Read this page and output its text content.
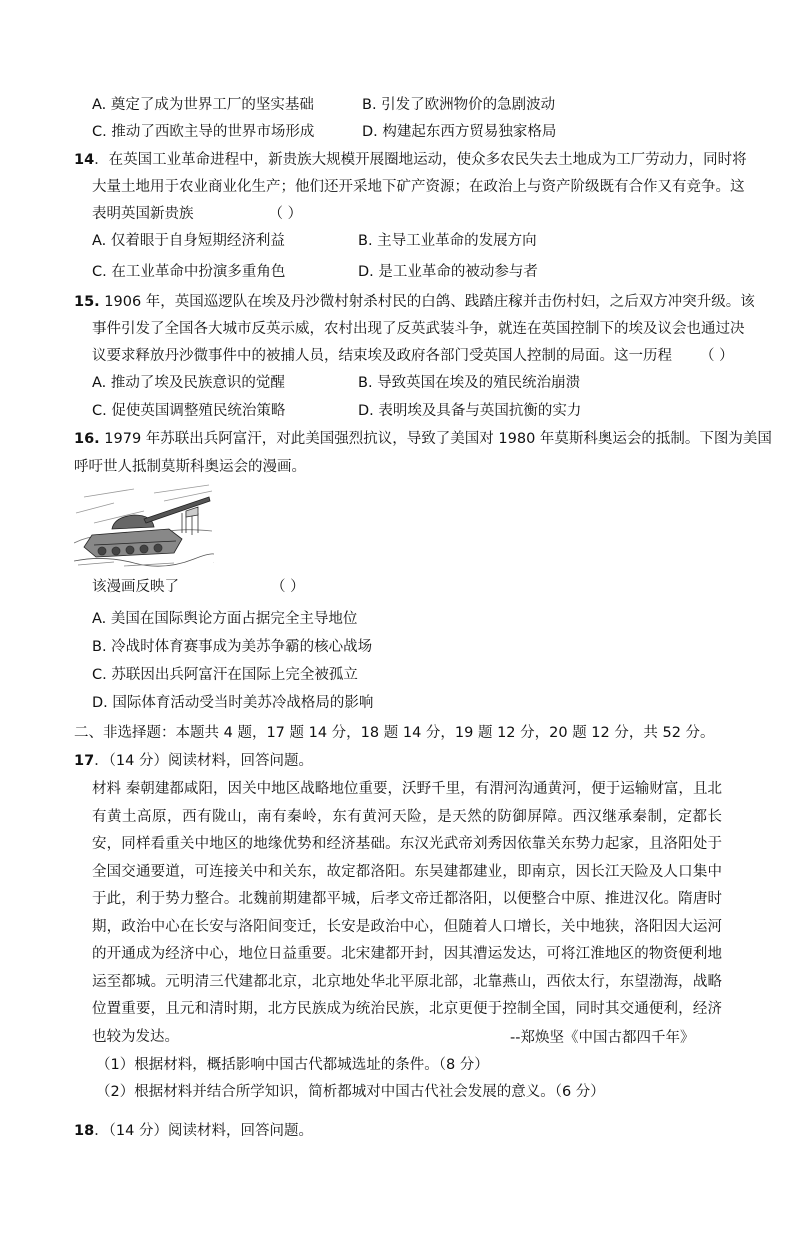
A. 奠定了成为世界工厂的坚实基础	B. 引发了欧洲物价的急剧波动
C. 推动了西欧主导的世界市场形成	D. 构建起东西方贸易独家格局
14．在英国工业革命进程中，新贵族大规模开展圈地运动，使众多农民失去土地成为工厂劳动力，同时将
大量土地用于农业商业化生产；他们还开采地下矿产资源；在政治上与资产阶级既有合作又有竞争。这
表明英国新贵族	（ ）
A. 仅着眼于自身短期经济利益	B. 主导工业革命的发展方向
C. 在工业革命中扮演多重角色	D. 是工业革命的被动参与者
15. 1906 年，英国巡逻队在埃及丹沙微村射杀村民的白鸽、践踏庄稼并击伤村妇，之后双方冲突升级。该
事件引发了全国各大城市反英示威，农村出现了反英武装斗争，就连在英国控制下的埃及议会也通过决
议要求释放丹沙微事件中的被捕人员，结束埃及政府各部门受英国人控制的局面。这一历程 （ ）
A. 推动了埃及民族意识的觉醒	B. 导致英国在埃及的殖民统治崩溃
C. 促使英国调整殖民统治策略	D. 表明埃及具备与英国抗衡的实力
16. 1979 年苏联出兵阿富汗，对此美国强烈抗议，导致了美国对 1980 年莫斯科奥运会的抵制。下图为美国
呼吁世人抵制莫斯科奥运会的漫画。
该漫画反映了	（ ）
A. 美国在国际舆论方面占据完全主导地位
B. 冷战时体育赛事成为美苏争霸的核心战场
C. 苏联因出兵阿富汗在国际上完全被孤立
D. 国际体育活动受当时美苏冷战格局的影响
二、非选择题：本题共 4 题，17 题 14 分，18 题 14 分，19 题 12 分，20 题 12 分，共 52 分。
17．（14 分）阅读材料，回答问题。
材料 秦朝建都咸阳，因关中地区战略地位重要，沃野千里，有渭河沟通黄河，便于运输财富，且北有黄土高原，西有陇山，南有秦岭，东有黄河天险，是天然的防御屏障。西汉继承秦制，定都长安，同样看重关中地区的地缘优势和经济基础。东汉光武帝刘秀因依靠关东势力起家，且洛阳处于全国交通要道，可连接关中和关东，故定都洛阳。东吴建都建业，即南京，因长江天险及人口集中于此，利于势力整合。北魏前期建都平城，后孝文帝迁都洛阳，以便整合中原、推进汉化。隋唐时期，政治中心在长安与洛阳间变迁，长安是政治中心，但随着人口增长，关中地狭，洛阳因大运河的开通成为经济中心，地位日益重要。北宋建都开封，因其漕运发达，可将江淮地区的物资便利地运至都城。元明清三代建都北京，北京地处华北平原北部，北靠燕山，西依太行，东望渤海，战略位置重要，且元和清时期，北方民族成为统治民族，北京更便于控制全国，同时其交通便利，经济也较为发达。	--郑焕坚《中国古都四千年》
（1）根据材料，概括影响中国古代都城选址的条件。（8 分）
（2）根据材料并结合所学知识，简析都城对中国古代社会发展的意义。（6 分）
18．（14 分）阅读材料，回答问题。
